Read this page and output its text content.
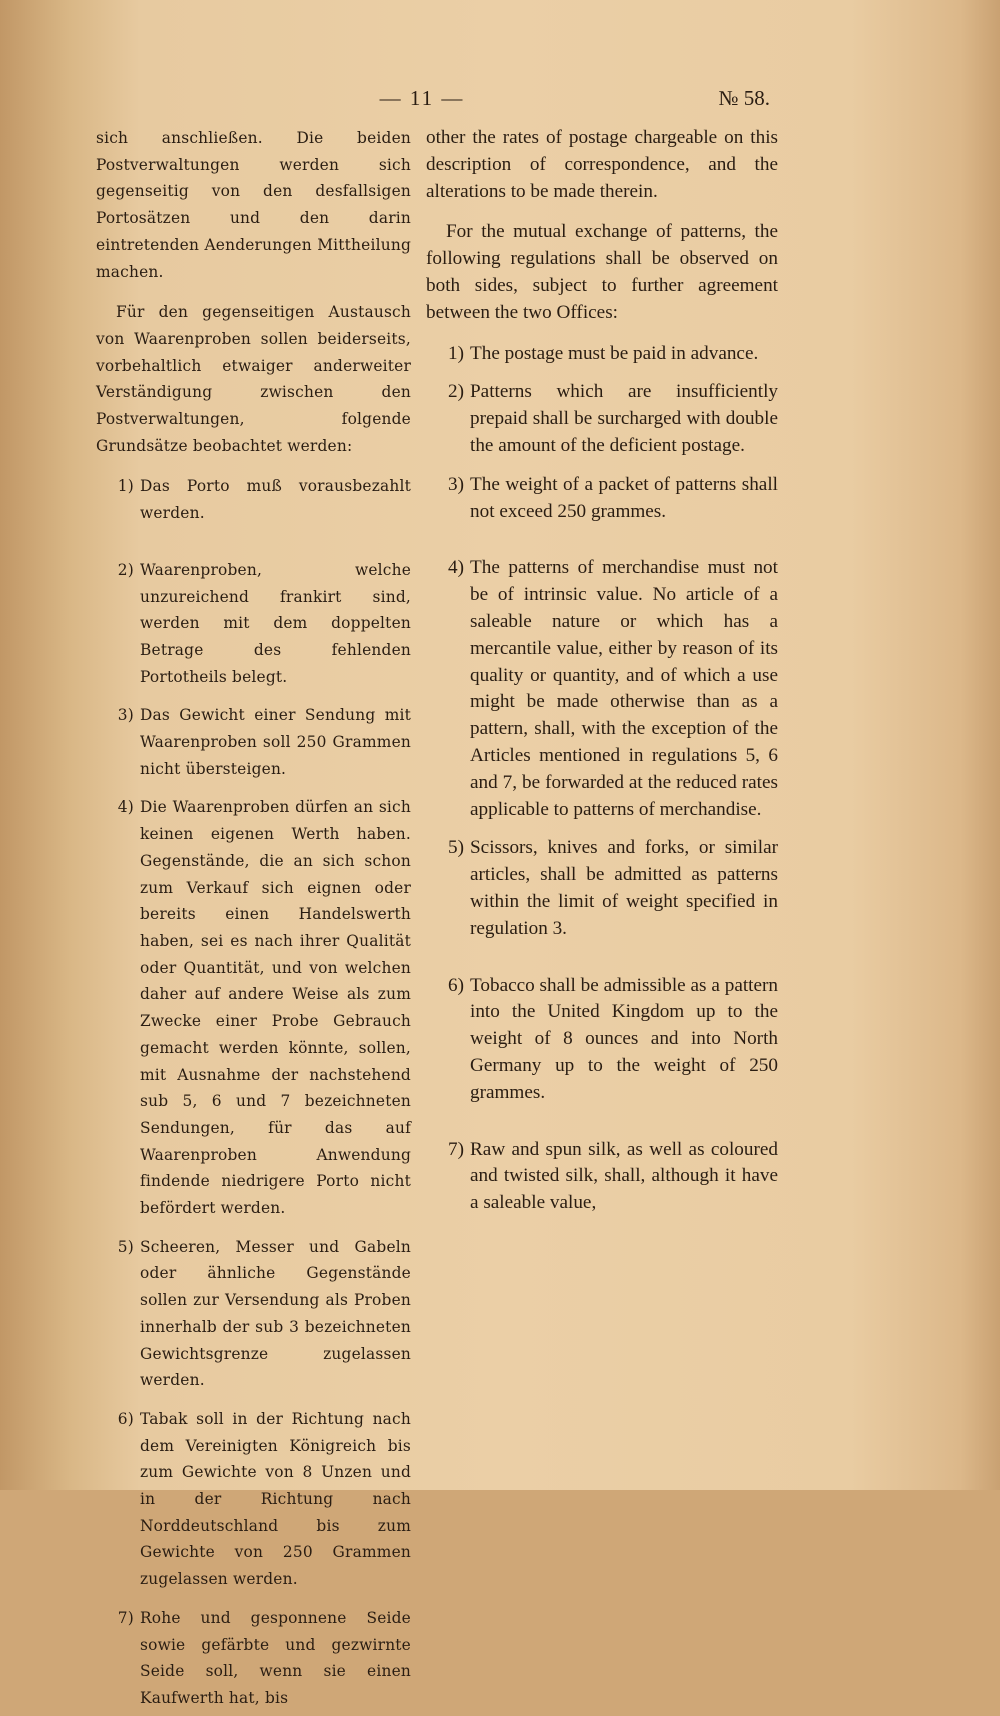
— 11 —	№ 58.

sich anschließen. Die beiden Postverwaltungen werden sich gegenseitig von den desfallsigen Portosätzen und den darin eintretenden Aenderungen Mittheilung machen.

Für den gegenseitigen Austausch von Waarenproben sollen beiderseits, vorbehaltlich etwaiger anderweiter Verständigung zwischen den Postverwaltungen, folgende Grundsätze beobachtet werden:

1) Das Porto muß vorausbezahlt werden.
2) Waarenproben, welche unzureichend frankirt sind, werden mit dem doppelten Betrage des fehlenden Portotheils belegt.
3) Das Gewicht einer Sendung mit Waarenproben soll 250 Grammen nicht übersteigen.
4) Die Waarenproben dürfen an sich keinen eigenen Werth haben. Gegenstände, die an sich schon zum Verkauf sich eignen oder bereits einen Handelswerth haben, sei es nach ihrer Qualität oder Quantität, und von welchen daher auf andere Weise als zum Zwecke einer Probe Gebrauch gemacht werden könnte, sollen, mit Ausnahme der nachstehend sub 5, 6 und 7 bezeichneten Sendungen, für das auf Waarenproben Anwendung findende niedrigere Porto nicht befördert werden.
5) Scheeren, Messer und Gabeln oder ähnliche Gegenstände sollen zur Versendung als Proben innerhalb der sub 3 bezeichneten Gewichtsgrenze zugelassen werden.
6) Tabak soll in der Richtung nach dem Vereinigten Königreich bis zum Gewichte von 8 Unzen und in der Richtung nach Norddeutschland bis zum Gewichte von 250 Grammen zugelassen werden.
7) Rohe und gesponnene Seide sowie gefärbte und gezwirnte Seide soll, wenn sie einen Kaufwerth hat, bis

other the rates of postage chargeable on this description of correspondence, and the alterations to be made therein.

For the mutual exchange of patterns, the following regulations shall be observed on both sides, subject to further agreement between the two Offices:

1) The postage must be paid in advance.
2) Patterns which are insufficiently prepaid shall be surcharged with double the amount of the deficient postage.
3) The weight of a packet of patterns shall not exceed 250 grammes.
4) The patterns of merchandise must not be of intrinsic value. No article of a saleable nature or which has a mercantile value, either by reason of its quality or quantity, and of which a use might be made otherwise than as a pattern, shall, with the exception of the Articles mentioned in regulations 5, 6 and 7, be forwarded at the reduced rates applicable to patterns of merchandise.
5) Scissors, knives and forks, or similar articles, shall be admitted as patterns within the limit of weight specified in regulation 3.
6) Tobacco shall be admissible as a pattern into the United Kingdom up to the weight of 8 ounces and into North Germany up to the weight of 250 grammes.
7) Raw and spun silk, as well as coloured and twisted silk, shall, although it have a saleable value,
